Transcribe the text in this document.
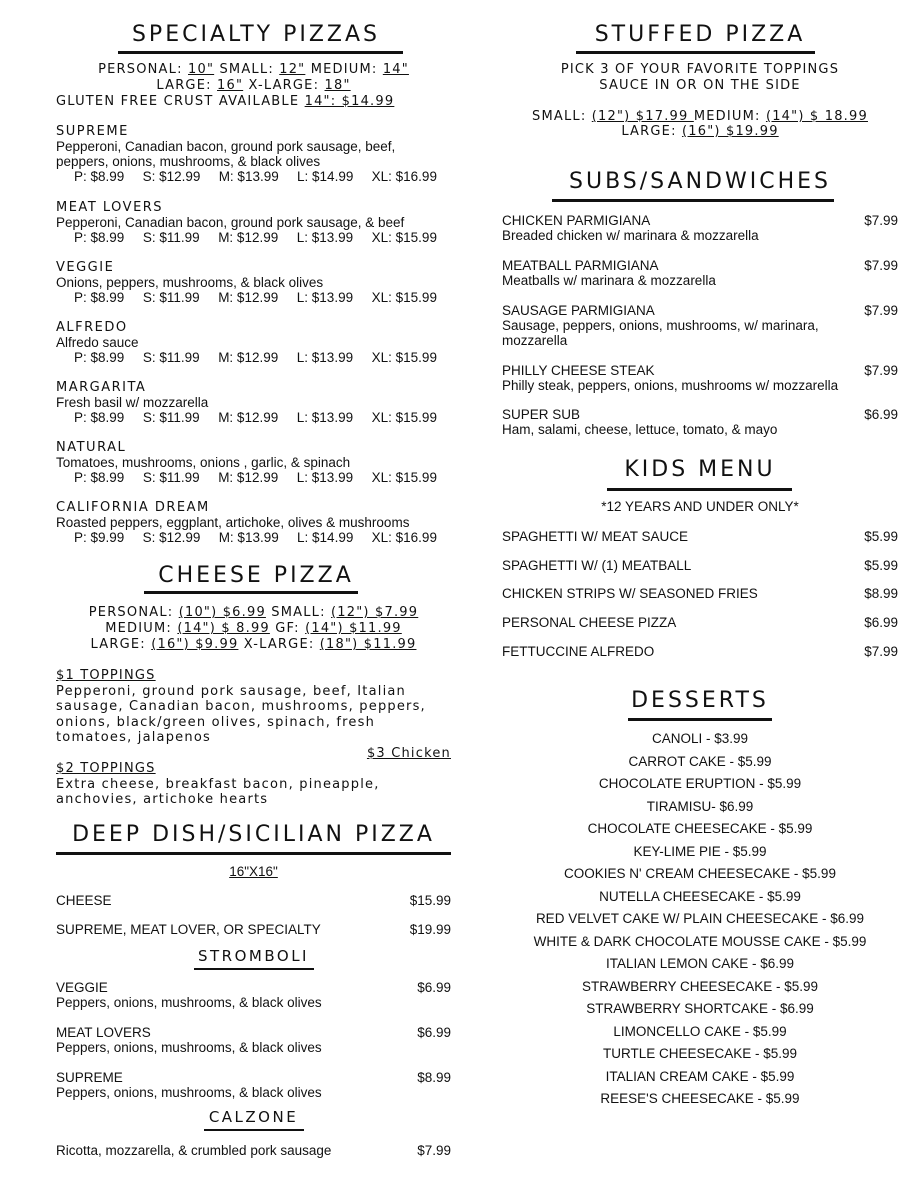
SPECIALTY PIZZAS
PERSONAL: 10" SMALL: 12" MEDIUM: 14"
LARGE: 16" X-LARGE: 18"
GLUTEN FREE CRUST AVAILABLE 14": $14.99
SUPREME
Pepperoni, Canadian bacon, ground pork sausage, beef, peppers, onions, mushrooms, & black olives
P: $8.99 S: $12.99 M: $13.99 L: $14.99 XL: $16.99
MEAT LOVERS
Pepperoni, Canadian bacon, ground pork sausage, & beef
P: $8.99 S: $11.99 M: $12.99 L: $13.99 XL: $15.99
VEGGIE
Onions, peppers, mushrooms, & black olives
P: $8.99 S: $11.99 M: $12.99 L: $13.99 XL: $15.99
ALFREDO
Alfredo sauce
P: $8.99 S: $11.99 M: $12.99 L: $13.99 XL: $15.99
MARGARITA
Fresh basil w/ mozzarella
P: $8.99 S: $11.99 M: $12.99 L: $13.99 XL: $15.99
NATURAL
Tomatoes, mushrooms, onions , garlic, & spinach
P: $8.99 S: $11.99 M: $12.99 L: $13.99 XL: $15.99
CALIFORNIA DREAM
Roasted peppers, eggplant, artichoke, olives & mushrooms
P: $9.99 S: $12.99 M: $13.99 L: $14.99 XL: $16.99
CHEESE PIZZA
PERSONAL: (10") $6.99 SMALL: (12") $7.99
MEDIUM: (14") $ 8.99 GF: (14") $11.99
LARGE: (16") $9.99 X-LARGE: (18") $11.99
$1 TOPPINGS
Pepperoni, ground pork sausage, beef, Italian sausage, Canadian bacon, mushrooms, peppers, onions, black/green olives, spinach, fresh tomatoes, jalapenos
$3 Chicken
$2 TOPPINGS
Extra cheese, breakfast bacon, pineapple, anchovies, artichoke hearts
DEEP DISH/SICILIAN PIZZA
16"X16"
CHEESE	$15.99
SUPREME, MEAT LOVER, OR SPECIALTY	$19.99
STROMBOLI
VEGGIE	$6.99
Peppers, onions, mushrooms, & black olives
MEAT LOVERS	$6.99
Peppers, onions, mushrooms, & black olives
SUPREME	$8.99
Peppers, onions, mushrooms, & black olives
CALZONE
Ricotta, mozzarella, & crumbled pork sausage	$7.99
STUFFED PIZZA
PICK 3 OF YOUR FAVORITE TOPPINGS
SAUCE IN OR ON THE SIDE
SMALL: (12") $17.99 MEDIUM: (14") $ 18.99
LARGE: (16") $19.99
SUBS/SANDWICHES
CHICKEN PARMIGIANA	$7.99
Breaded chicken w/ marinara & mozzarella
MEATBALL PARMIGIANA	$7.99
Meatballs w/ marinara & mozzarella
SAUSAGE PARMIGIANA	$7.99
Sausage, peppers, onions, mushrooms, w/ marinara, mozzarella
PHILLY CHEESE STEAK	$7.99
Philly steak, peppers, onions, mushrooms w/ mozzarella
SUPER SUB	$6.99
Ham, salami, cheese, lettuce, tomato, & mayo
KIDS MENU
*12 YEARS AND UNDER ONLY*
SPAGHETTI W/ MEAT SAUCE	$5.99
SPAGHETTI W/ (1) MEATBALL	$5.99
CHICKEN STRIPS W/ SEASONED FRIES	$8.99
PERSONAL CHEESE PIZZA	$6.99
FETTUCCINE ALFREDO	$7.99
DESSERTS
CANOLI - $3.99
CARROT CAKE - $5.99
CHOCOLATE ERUPTION - $5.99
TIRAMISU- $6.99
CHOCOLATE CHEESECAKE - $5.99
KEY-LIME PIE - $5.99
COOKIES N' CREAM CHEESECAKE - $5.99
NUTELLA CHEESECAKE - $5.99
RED VELVET CAKE W/ PLAIN CHEESECAKE - $6.99
WHITE & DARK CHOCOLATE MOUSSE CAKE - $5.99
ITALIAN LEMON CAKE - $6.99
STRAWBERRY CHEESECAKE - $5.99
STRAWBERRY SHORTCAKE - $6.99
LIMONCELLO CAKE - $5.99
TURTLE CHEESECAKE - $5.99
ITALIAN CREAM CAKE - $5.99
REESE'S CHEESECAKE - $5.99
